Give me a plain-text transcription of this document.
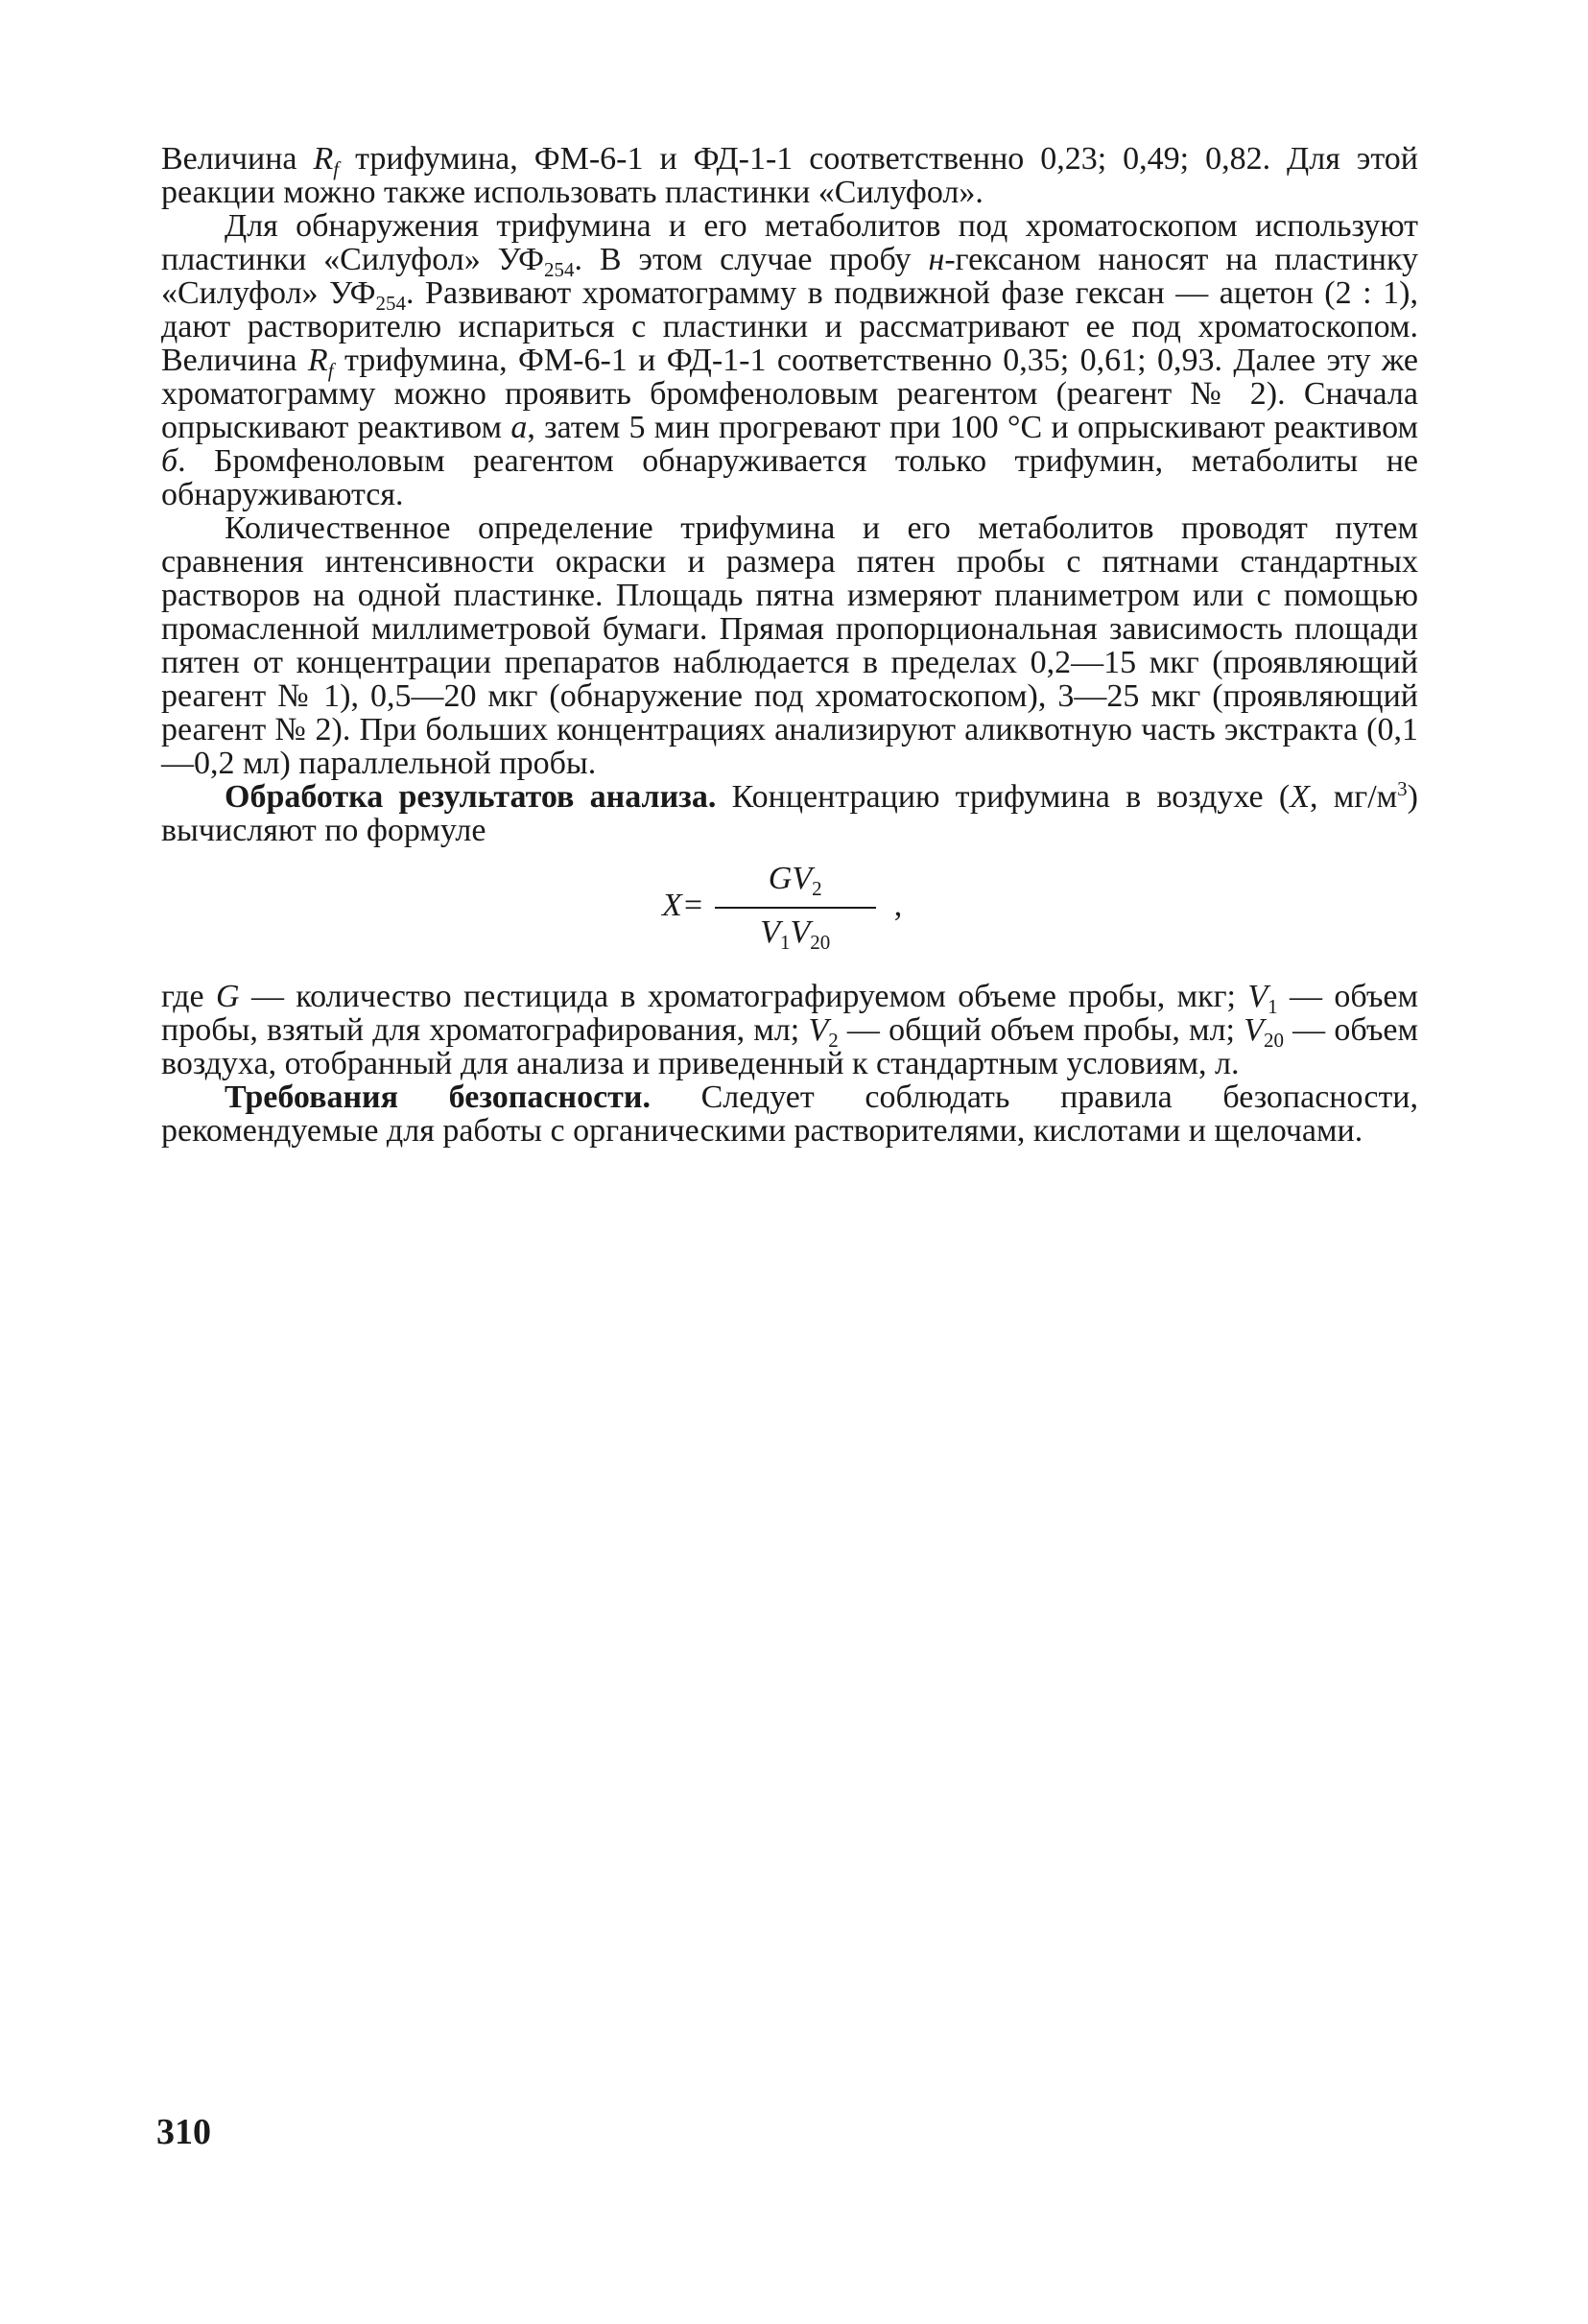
Величина $R_f$ трифумина, ФМ-6-1 и ФД-1-1 соответственно 0,23; 0,49; 0,82. Для этой реакции можно также использовать пластинки «Силуфол».

Для обнаружения трифумина и его метаболитов под хроматоскопом используют пластинки «Силуфол» $УФ_{254}$. В этом случае пробу н-гексаном наносят на пластинку «Силуфол» $УФ_{254}$. Развивают хроматограмму в подвижной фазе гексан — ацетон (2 : 1), дают растворителю испариться с пластинки и рассматривают ее под хроматоскопом. Величина $R_f$ трифумина, ФМ-6-1 и ФД-1-1 соответственно 0,35; 0,61; 0,93. Далее эту же хроматограмму можно проявить бромфеноловым реагентом (реагент № 2). Сначала опрыскивают реактивом а, затем 5 мин прогревают при 100 °С и опрыскивают реактивом б. Бромфеноловым реагентом обнаруживается только трифумин, метаболиты не обнаруживаются.

Количественное определение трифумина и его метаболитов проводят путем сравнения интенсивности окраски и размера пятен пробы с пятнами стандартных растворов на одной пластинке. Площадь пятна измеряют планиметром или с помощью промасленной миллиметровой бумаги. Прямая пропорциональная зависимость площади пятен от концентрации препаратов наблюдается в пределах 0,2—15 мкг (проявляющий реагент № 1), 0,5—20 мкг (обнаружение под хроматоскопом), 3—25 мкг (проявляющий реагент № 2). При больших концентрациях анализируют аликвотную часть экстракта (0,1—0,2 мл) параллельной пробы.

Обработка результатов анализа. Концентрацию трифумина в воздухе (X, $мг/м^3$) вычисляют по формуле

$X= \frac{GV_2}{V_1V_{20}}$ ,

где G — количество пестицида в хроматографируемом объеме пробы, мкг; $V_1$ — объем пробы, взятый для хроматографирования, мл; $V_2$ — общий объем пробы, мл; $V_{20}$ — объем воздуха, отобранный для анализа и приведенный к стандартным условиям, л.

Требования безопасности. Следует соблюдать правила безопасности, рекомендуемые для работы с органическими растворителями, кислотами и щелочами.

310
